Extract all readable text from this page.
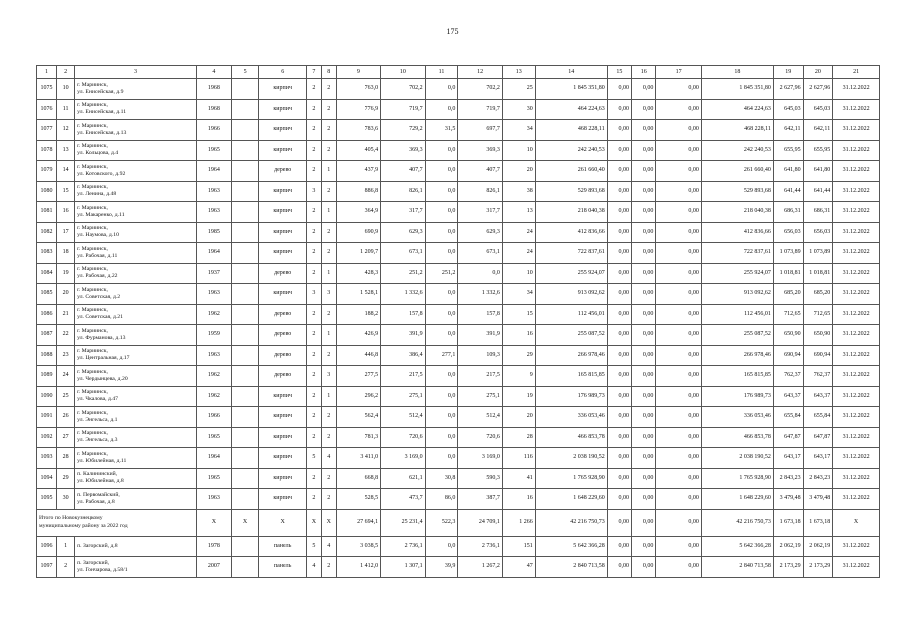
175
1	2	3	4	5	6	7	8	9	10	11	12	13	14	15	16	17	18	19	20	21
1075	10	г. Мариинск,
ул. Енисейская, д.9	1968		кирпич	2	2	763,0	702,2	0,0	702,2	25	1 845 351,80	0,00	0,00	0,00	1 845 351,80	2 627,96	2 627,96	31.12.2022
1076	11	г. Мариинск,
ул. Енисейская, д.11	1968		кирпич	2	2	776,9	719,7	0,0	719,7	30	464 224,63	0,00	0,00	0,00	464 224,63	645,03	645,03	31.12.2022
1077	12	г. Мариинск,
ул. Енисейская, д.13	1966		кирпич	2	2	783,6	729,2	31,5	697,7	34	468 228,11	0,00	0,00	0,00	468 228,11	642,11	642,11	31.12.2022
1078	13	г. Мариинск,
ул. Кольцова, д.4	1965		кирпич	2	2	405,4	369,3	0,0	369,3	10	242 240,53	0,00	0,00	0,00	242 240,53	655,95	655,95	31.12.2022
1079	14	г. Мариинск,
ул. Котовского, д.92	1964		дерево	2	1	437,9	407,7	0,0	407,7	20	261 660,40	0,00	0,00	0,00	261 660,40	641,80	641,80	31.12.2022
1080	15	г. Мариинск,
ул. Ленина, д.48	1963		кирпич	3	2	886,8	826,1	0,0	826,1	38	529 893,68	0,00	0,00	0,00	529 893,68	641,44	641,44	31.12.2022
1081	16	г. Мариинск,
ул. Макаренко, д.11	1963		кирпич	2	1	364,9	317,7	0,0	317,7	13	218 040,38	0,00	0,00	0,00	218 040,38	686,31	686,31	31.12.2022
1082	17	г. Мариинск,
ул. Наумова, д.10	1985		кирпич	2	2	690,9	629,3	0,0	629,3	24	412 836,66	0,00	0,00	0,00	412 836,66	656,03	656,03	31.12.2022
1083	18	г. Мариинск,
ул. Рабочая, д.11	1964		кирпич	2	2	1 209,7	673,1	0,0	673,1	24	722 837,61	0,00	0,00	0,00	722 837,61	1 073,89	1 073,89	31.12.2022
1084	19	г. Мариинск,
ул. Рабочая, д.22	1937		дерево	2	1	428,3	251,2	251,2	0,0	10	255 924,07	0,00	0,00	0,00	255 924,07	1 018,81	1 018,81	31.12.2022
1085	20	г. Мариинск,
ул. Советская, д.2	1963		кирпич	3	3	1 528,1	1 332,6	0,0	1 332,6	34	913 092,62	0,00	0,00	0,00	913 092,62	685,20	685,20	31.12.2022
1086	21	г. Мариинск,
ул. Советская, д.21	1962		дерево	2	2	188,2	157,8	0,0	157,8	15	112 456,01	0,00	0,00	0,00	112 456,01	712,65	712,65	31.12.2022
1087	22	г. Мариинск,
ул. Фурманова, д.13	1959		дерево	2	1	426,9	391,9	0,0	391,9	16	255 087,52	0,00	0,00	0,00	255 087,52	650,90	650,90	31.12.2022
1088	23	г. Мариинск,
ул. Центральная, д.17	1963		дерево	2	2	446,8	386,4	277,1	109,3	29	266 978,46	0,00	0,00	0,00	266 978,46	690,94	690,94	31.12.2022
1089	24	г. Мариинск,
ул. Чердынцева, д.20	1962		дерево	2	3	277,5	217,5	0,0	217,5	9	165 815,85	0,00	0,00	0,00	165 815,85	762,37	762,37	31.12.2022
1090	25	г. Мариинск,
ул. Чкалова, д.47	1962		кирпич	2	1	296,2	275,1	0,0	275,1	19	176 989,73	0,00	0,00	0,00	176 989,73	643,37	643,37	31.12.2022
1091	26	г. Мариинск,
ул. Энгельса, д.1	1966		кирпич	2	2	562,4	512,4	0,0	512,4	20	336 053,46	0,00	0,00	0,00	336 053,46	655,84	655,84	31.12.2022
1092	27	г. Мариинск,
ул. Энгельса, д.3	1965		кирпич	2	2	781,3	720,6	0,0	720,6	28	466 853,78	0,00	0,00	0,00	466 853,78	647,87	647,87	31.12.2022
1093	28	г. Мариинск,
ул. Юбилейная, д.11	1964		кирпич	5	4	3 411,0	3 169,0	0,0	3 169,0	116	2 038 190,52	0,00	0,00	0,00	2 038 190,52	643,17	643,17	31.12.2022
1094	29	п. Калининский,
ул. Юбилейная, д.8	1965		кирпич	2	2	668,8	621,1	30,8	590,3	41	1 765 928,90	0,00	0,00	0,00	1 765 928,90	2 843,23	2 843,23	31.12.2022
1095	30	п. Первомайский,
ул. Рабочая, д.8	1963		кирпич	2	2	528,5	473,7	86,0	387,7	16	1 648 229,60	0,00	0,00	0,00	1 648 229,60	3 479,48	3 479,48	31.12.2022
Итого по Новокузнецкому
муниципальному району за 2022 год			X	X	X	X	X	27 694,1	25 231,4	522,3	24 709,1	1 266	42 216 750,73	0,00	0,00	0,00	42 216 750,73	1 673,18	1 673,18	X
1096	1	п. Загорский, д.8	1978		панель	5	4	3 038,5	2 736,1	0,0	2 736,1	151	5 642 366,28	0,00	0,00	0,00	5 642 366,28	2 062,19	2 062,19	31.12.2022
1097	2	п. Загорский,
ул. Гончарова, д.58/1	2007		панель	4	2	1 412,0	1 307,1	39,9	1 267,2	47	2 840 713,58	0,00	0,00	0,00	2 840 713,58	2 173,29	2 173,29	31.12.2022
